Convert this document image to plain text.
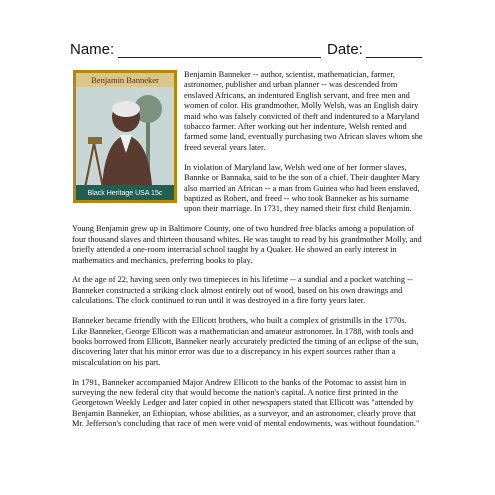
Name:	Date:
Benjamin Banneker
Black Heritage USA 15c

Benjamin Banneker -- author, scientist, mathematician, farmer, astronomer, publisher and urban planner -- was descended from enslaved Africans, an indentured English servant, and free men and women of color. His grandmother, Molly Welsh, was an English dairy maid who was falsely convicted of theft and indentured to a Maryland tobacco farmer. After working out her indenture, Welsh rented and farmed some land, eventually purchasing two African slaves whom she freed several years later.

In violation of Maryland law, Welsh wed one of her former slaves, Bannke or Bannaka, said to be the son of a chief. Their daughter Mary also married an African -- a man from Guinea who had been enslaved, baptized as Robert, and freed -- who took Banneker as his surname upon their marriage. In 1731, they named their first child Benjamin.

Young Benjamin grew up in Baltimore County, one of two hundred free blacks among a population of four thousand slaves and thirteen thousand whites. He was taught to read by his grandmother Molly, and briefly attended a one-room interracial school taught by a Quaker. He showed an early interest in mathematics and mechanics, preferring books to play.

At the age of 22, having seen only two timepieces in his lifetime -- a sundial and a pocket watching -- Banneker constructed a striking clock almost entirely out of wood, based on his own drawings and calculations. The clock continued to run until it was destroyed in a fire forty years later.

Banneker became friendly with the Ellicott brothers, who built a complex of gristmills in the 1770s. Like Banneker, George Ellicott was a mathematician and amateur astronomer. In 1788, with tools and books borrowed from Ellicott, Banneker nearly accurately predicted the timing of an eclipse of the sun, discovering later that his minor error was due to a discrepancy in his expert sources rather than a miscalculation on his part.

In 1791, Banneker accompanied Major Andrew Ellicott to the banks of the Potomac to assist him in surveying the new federal city that would become the nation's capital. A notice first printed in the Georgetown Weekly Ledger and later copied in other newspapers stated that Ellicott was "attended by Benjamin Banneker, an Ethiopian, whose abilities, as a surveyor, and an astronomer, clearly prove that Mr. Jefferson's concluding that race of men were void of mental endowments, was without foundation."
